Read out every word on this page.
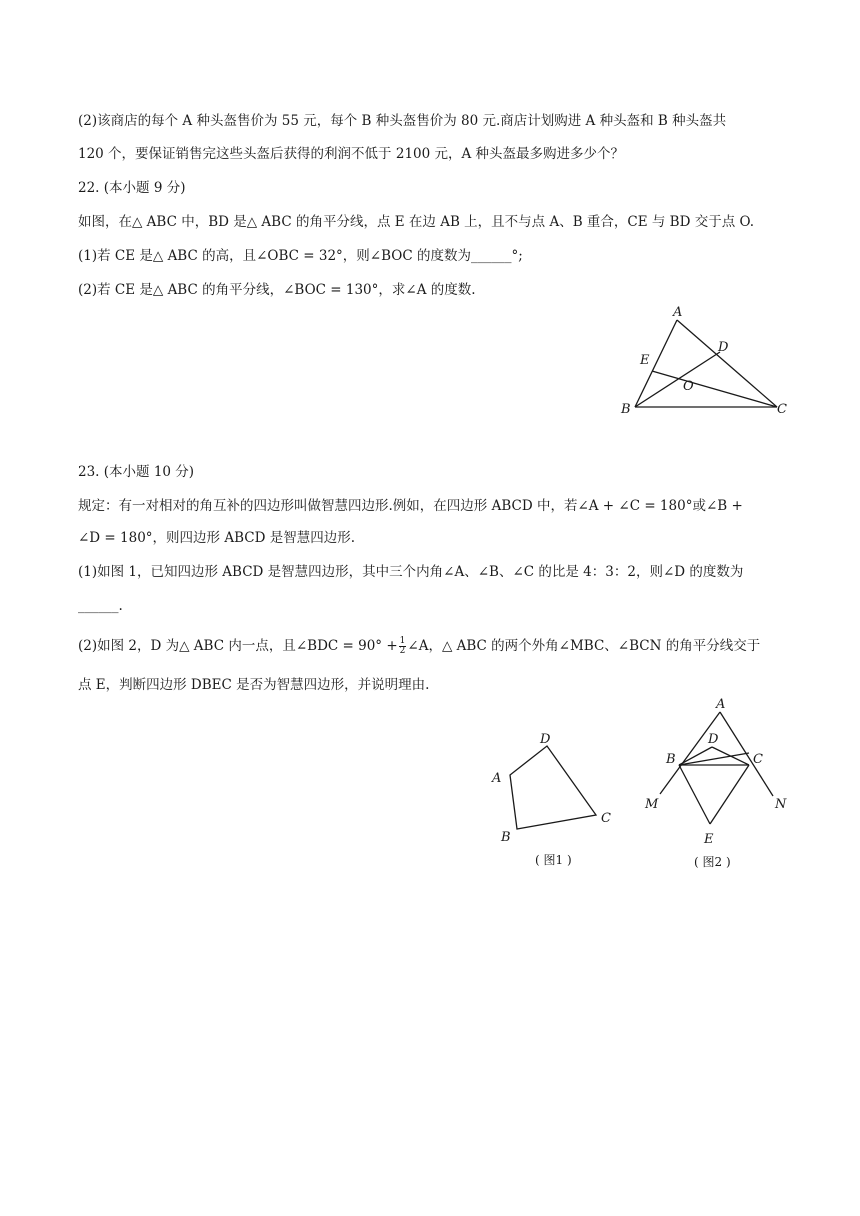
(2)该商店的每个 A 种头盔售价为 55 元，每个 B 种头盔售价为 80 元.商店计划购进 A 种头盔和 B 种头盔共
120 个，要保证销售完这些头盔后获得的利润不低于 2100 元，A 种头盔最多购进多少个？
22. (本小题 9 分)
如图，在△ ABC 中，BD 是△ ABC 的角平分线，点 E 在边 AB 上，且不与点 A、B 重合，CE 与 BD 交于点 O.
(1)若 CE 是△ ABC 的高，且∠OBC = 32°，则∠BOC 的度数为______°;
(2)若 CE 是△ ABC 的角平分线，∠BOC = 130°，求∠A 的度数.
A
B	C
D
E
O
23. (本小题 10 分)
规定：有一对相对的角互补的四边形叫做智慧四边形.例如，在四边形 ABCD 中，若∠A + ∠C = 180°或∠B +
∠D = 180°，则四边形 ABCD 是智慧四边形.
(1)如图 1，已知四边形 ABCD 是智慧四边形，其中三个内角∠A、∠B、∠C 的比是 4：3：2，则∠D 的度数为
______.
(2)如图 2，D 为△ ABC 内一点，且∠BDC = $90^\circ + \frac{1}{2}$ ∠A，△ ABC 的两个外角∠MBC、∠BCN 的角平分线交于
点 E，判断四边形 DBEC 是否为智慧四边形，并说明理由.
D
A
B
C
( 图1 )
A
D
B	C
M	N
E
( 图2 )
